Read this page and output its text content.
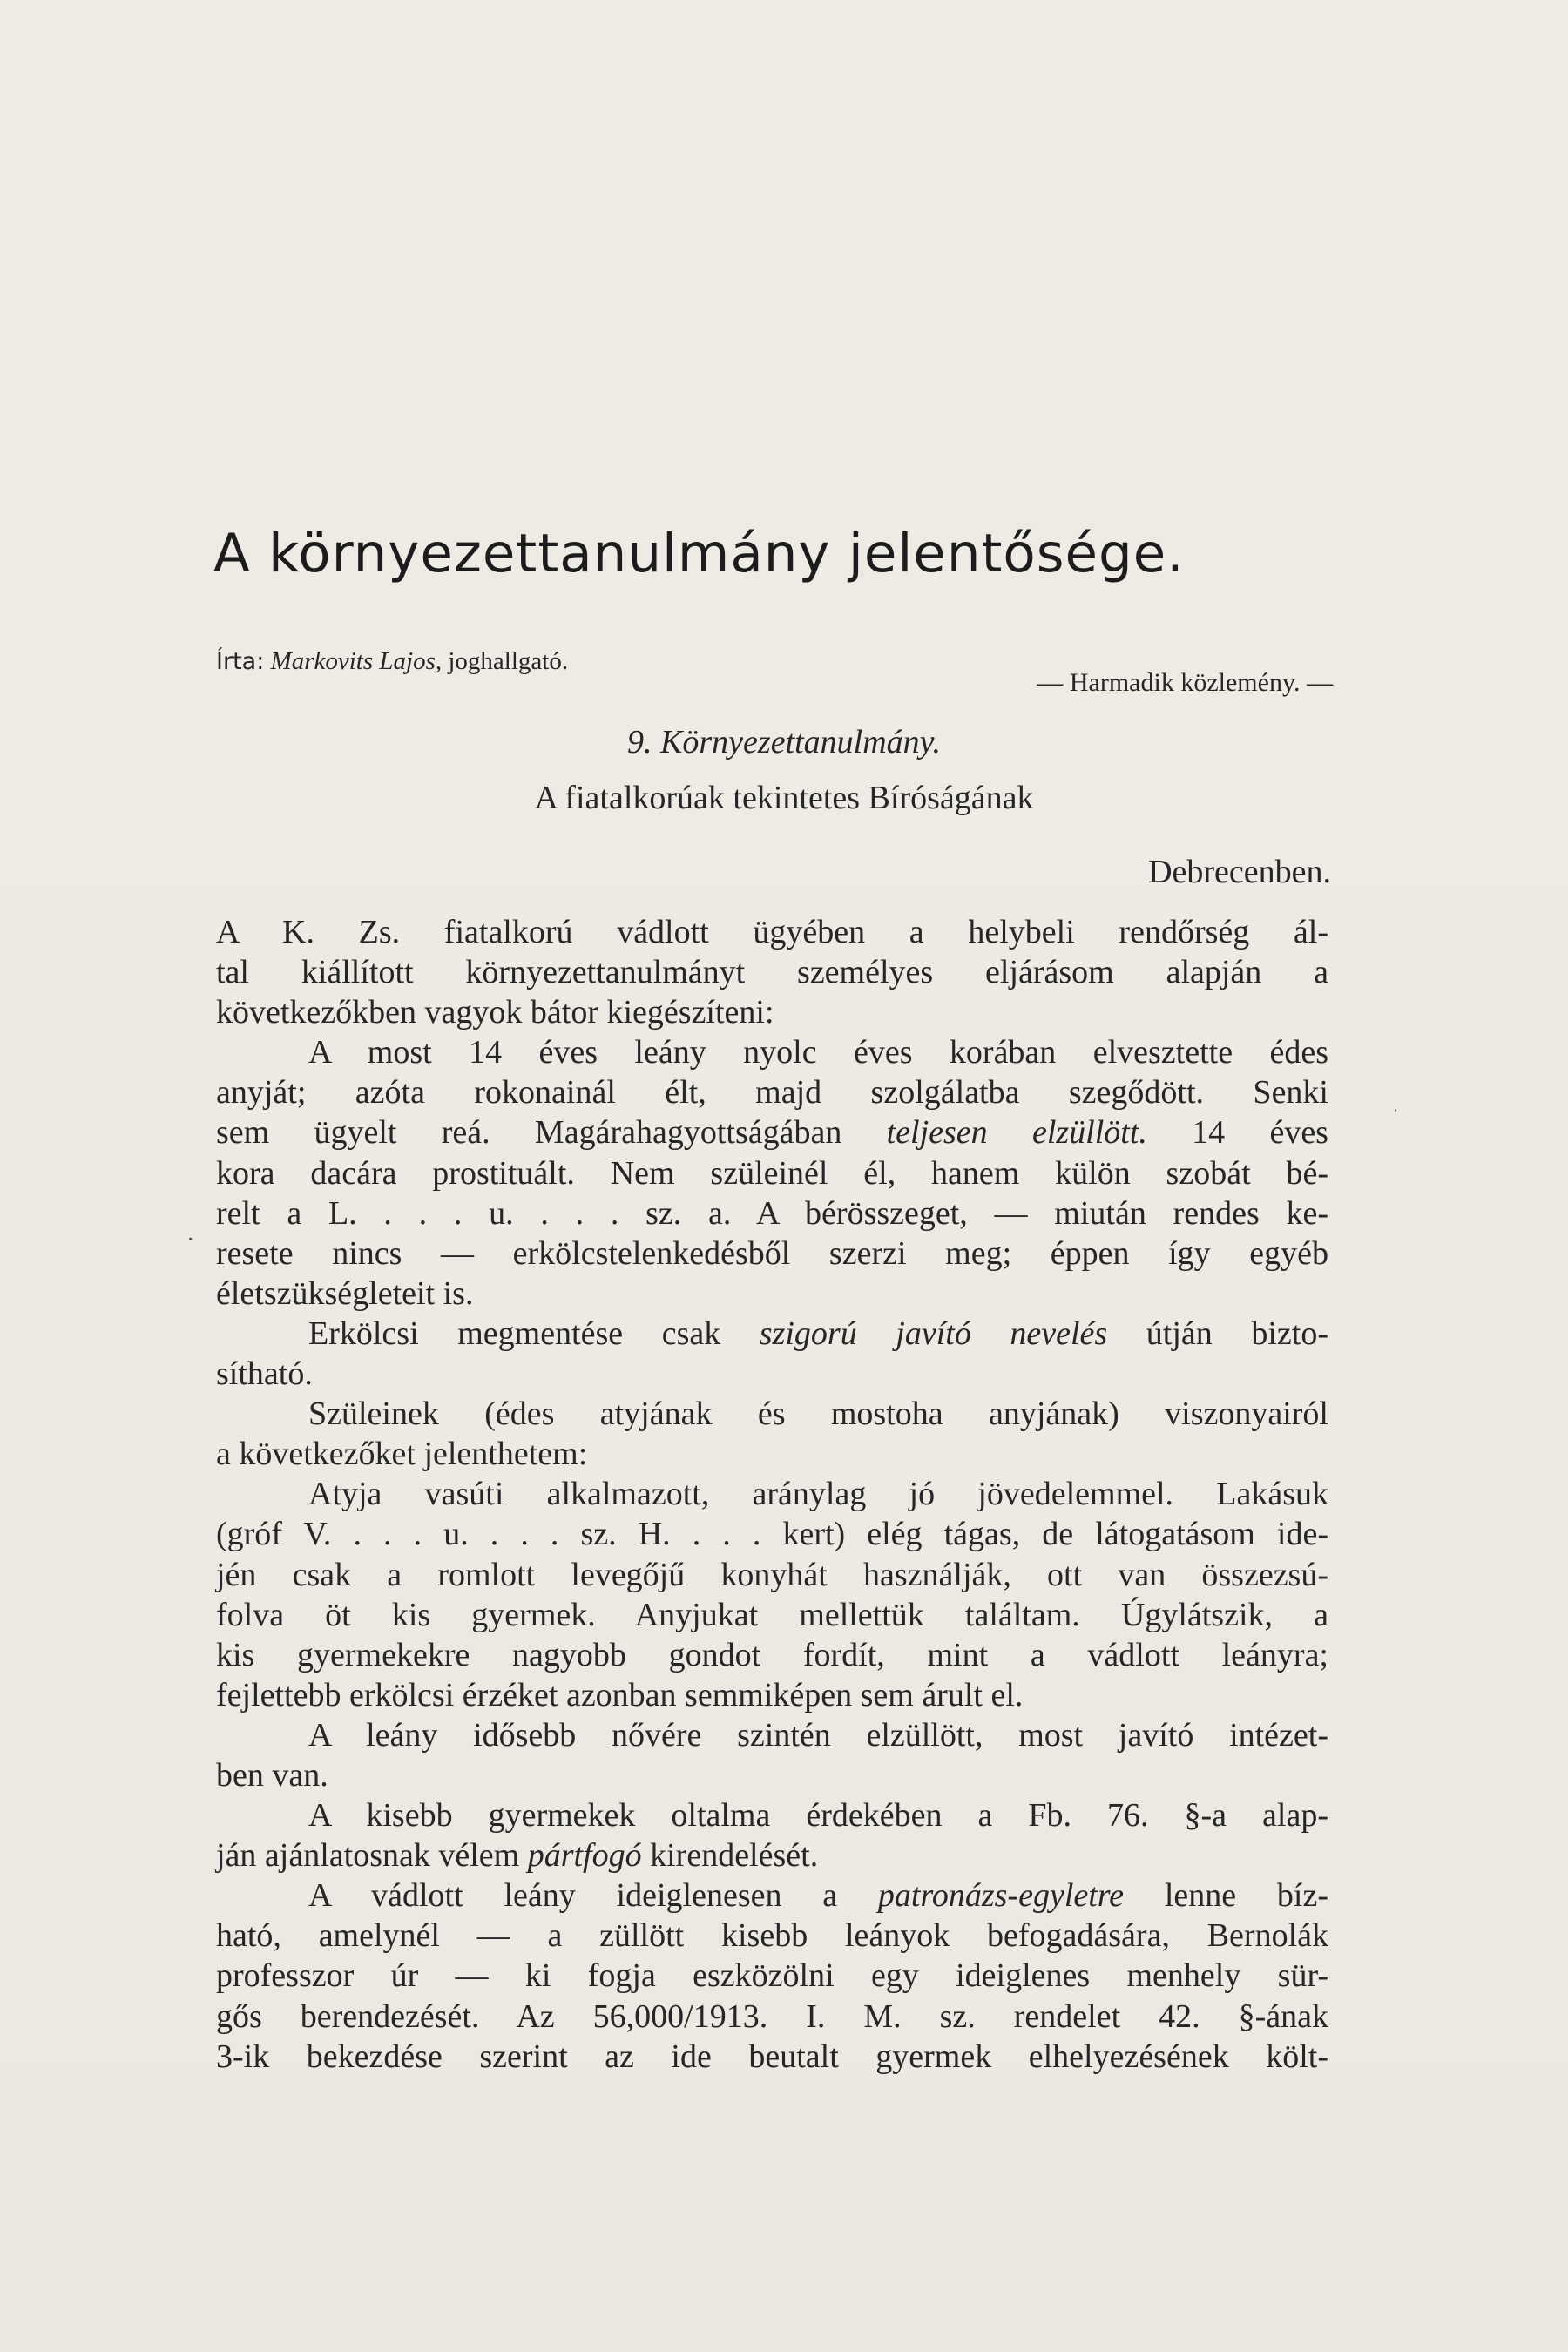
A környezettanulmány jelentősége.
Írta: Markovits Lajos, joghallgató.
— Harmadik közlemény. —
9. Környezettanulmány.
A fiatalkorúak tekintetes Bíróságának
Debrecenben.
A K. Zs. fiatalkorú vádlott ügyében a helybeli rendőrség ál-
tal kiállított környezettanulmányt személyes eljárásom alapján a
következőkben vagyok bátor kiegészíteni:
A most 14 éves leány nyolc éves korában elvesztette édes
anyját; azóta rokonainál élt, majd szolgálatba szegődött. Senki
sem ügyelt reá. Magárahagyottságában teljesen elzüllött. 14 éves
kora dacára prostituált. Nem szüleinél él, hanem külön szobát bé-
relt a L. . . . u. . . . sz. a. A bérösszeget, — miután rendes ke-
resete nincs — erkölcstelenkedésből szerzi meg; éppen így egyéb
életszükségleteit is.
Erkölcsi megmentése csak szigorú javító nevelés útján bizto-
sítható.
Szüleinek (édes atyjának és mostoha anyjának) viszonyairól
a következőket jelenthetem:
Atyja vasúti alkalmazott, aránylag jó jövedelemmel. Lakásuk
(gróf V. . . . u. . . . sz. H. . . . kert) elég tágas, de látogatásom ide-
jén csak a romlott levegőjű konyhát használják, ott van összezsú-
folva öt kis gyermek. Anyjukat mellettük találtam. Úgylátszik, a
kis gyermekekre nagyobb gondot fordít, mint a vádlott leányra;
fejlettebb erkölcsi érzéket azonban semmiképen sem árult el.
A leány idősebb nővére szintén elzüllött, most javító intézet-
ben van.
A kisebb gyermekek oltalma érdekében a Fb. 76. §-a alap-
ján ajánlatosnak vélem pártfogó kirendelését.
A vádlott leány ideiglenesen a patronázs-egyletre lenne bíz-
ható, amelynél — a züllött kisebb leányok befogadására, Bernolák
professzor úr — ki fogja eszközölni egy ideiglenes menhely sür-
gős berendezését. Az 56,000/1913. I. M. sz. rendelet 42. §-ának
3-ik bekezdése szerint az ide beutalt gyermek elhelyezésének költ-
·
